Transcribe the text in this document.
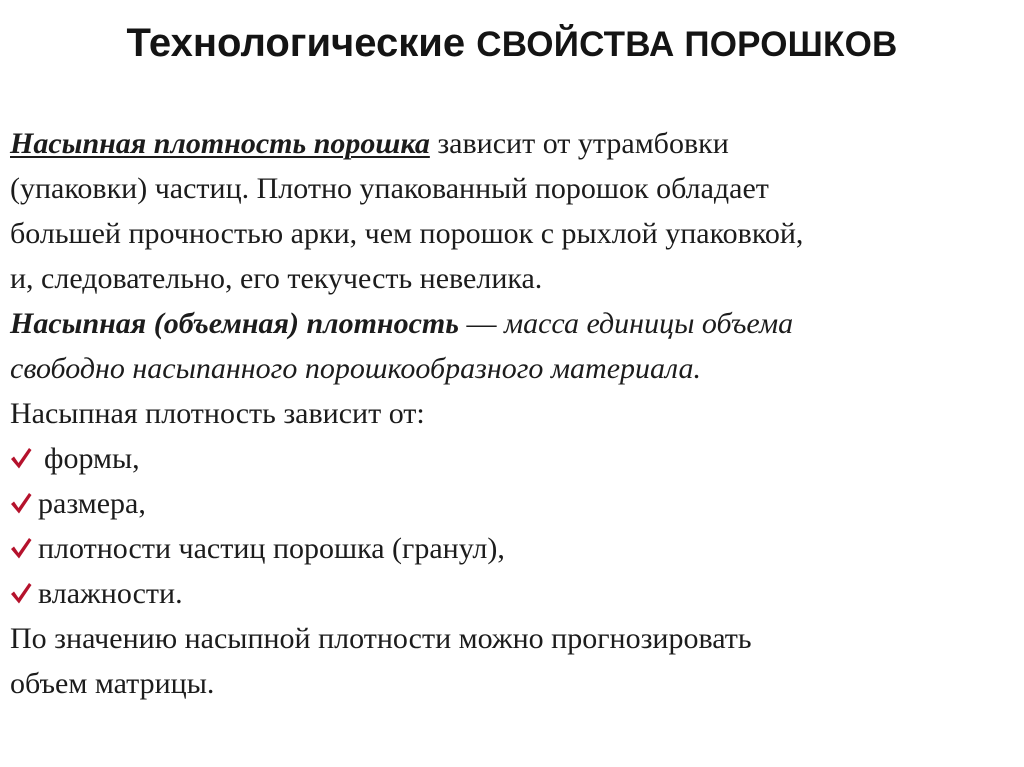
Технологические СВОЙСТВА ПОРОШКОВ
Насыпная плотность порошка зависит от утрамбовки
(упаковки) частиц. Плотно упакованный порошок обладает
большей прочностью арки, чем порошок с рыхлой упаковкой,
и, следовательно, его текучесть невелика.
Насыпная (объемная) плотность — масса единицы объема
свободно насыпанного порошкообразного материала.
Насыпная плотность зависит от:
формы,
размера,
плотности частиц порошка (гранул),
влажности.
По значению насыпной плотности можно прогнозировать
объем матрицы.
